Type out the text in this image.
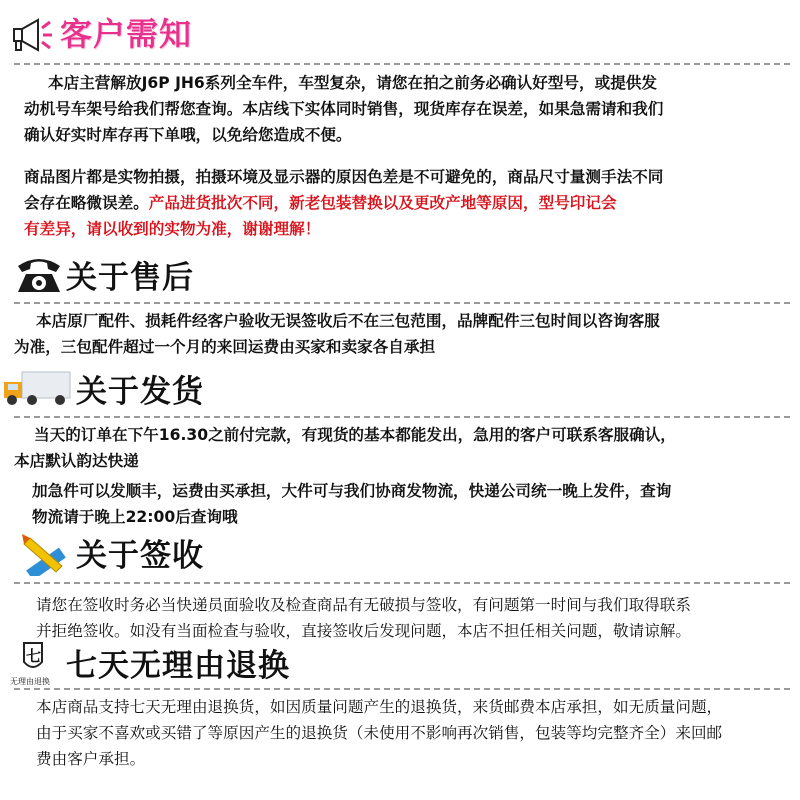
客户需知
本店主营解放J6P JH6系列全车件，车型复杂，请您在拍之前务必确认好型号，或提供发
动机号车架号给我们帮您查询。本店线下实体同时销售，现货库存在误差，如果急需请和我们
确认好实时库存再下单哦，以免给您造成不便。
商品图片都是实物拍摄，拍摄环境及显示器的原因色差是不可避免的，商品尺寸量测手法不同
会存在略微误差。产品进货批次不同，新老包装替换以及更改产地等原因，型号印记会
有差异，请以收到的实物为准，谢谢理解！
关于售后
本店原厂配件、损耗件经客户验收无误签收后不在三包范围，品牌配件三包时间以咨询客服
为准，三包配件超过一个月的来回运费由买家和卖家各自承担
关于发货
当天的订单在下午16.30之前付完款，有现货的基本都能发出，急用的客户可联系客服确认，
本店默认韵达快递
加急件可以发顺丰，运费由买承担，大件可与我们协商发物流，快递公司统一晚上发件，查询
物流请于晚上22:00后查询哦
关于签收
请您在签收时务必当快递员面验收及检查商品有无破损与签收，有问题第一时间与我们取得联系
并拒绝签收。如没有当面检查与验收，直接签收后发现问题，本店不担任相关问题，敬请谅解。
七
无理由退换 七天无理由退换
本店商品支持七天无理由退换货，如因质量问题产生的退换货，来货邮费本店承担，如无质量问题，
由于买家不喜欢或买错了等原因产生的退换货（未使用不影响再次销售，包装等均完整齐全）来回邮
费由客户承担。
